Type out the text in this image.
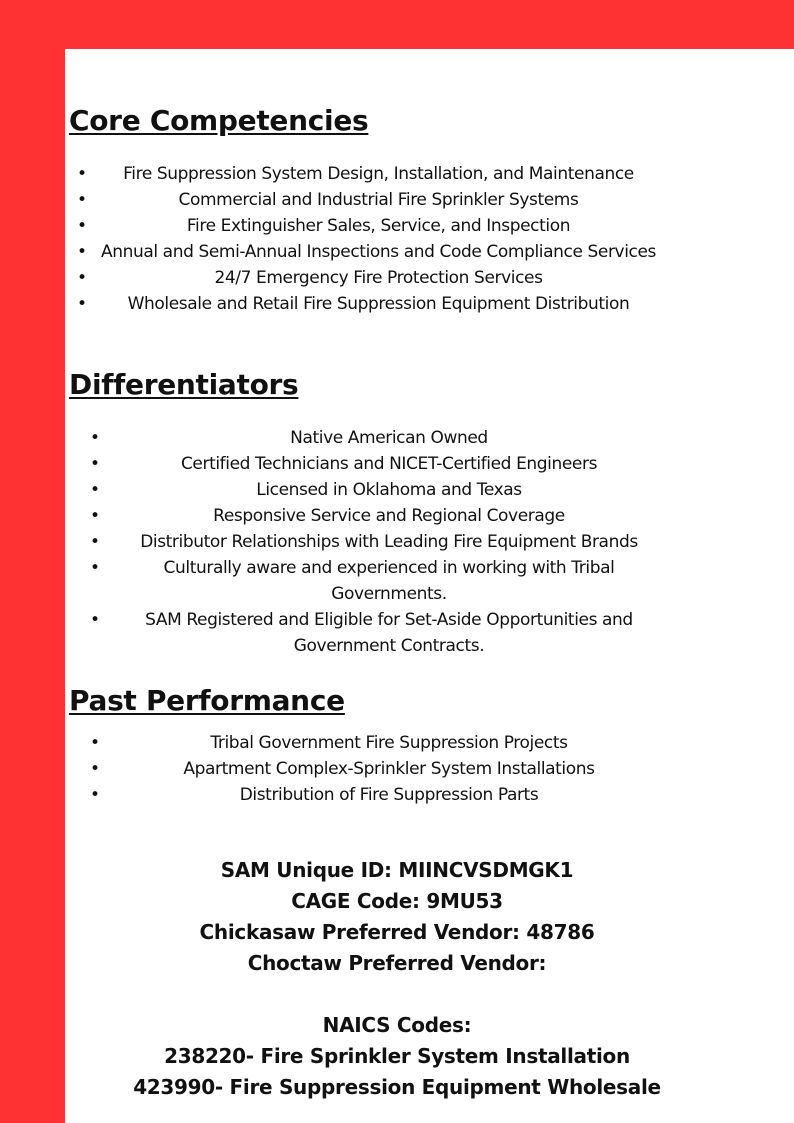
Core Competencies
• Fire Suppression System Design, Installation, and Maintenance
• Commercial and Industrial Fire Sprinkler Systems
• Fire Extinguisher Sales, Service, and Inspection
• Annual and Semi-Annual Inspections and Code Compliance Services
• 24/7 Emergency Fire Protection Services
• Wholesale and Retail Fire Suppression Equipment Distribution
Differentiators
• Native American Owned
• Certified Technicians and NICET-Certified Engineers
• Licensed in Oklahoma and Texas
• Responsive Service and Regional Coverage
• Distributor Relationships with Leading Fire Equipment Brands
• Culturally aware and experienced in working with Tribal Governments.
• SAM Registered and Eligible for Set-Aside Opportunities and Government Contracts.
Past Performance
• Tribal Government Fire Suppression Projects
• Apartment Complex-Sprinkler System Installations
• Distribution of Fire Suppression Parts
SAM Unique ID: MIINCVSDMGK1
CAGE Code: 9MU53
Chickasaw Preferred Vendor: 48786
Choctaw Preferred Vendor:
NAICS Codes:
238220- Fire Sprinkler System Installation
423990- Fire Suppression Equipment Wholesale
